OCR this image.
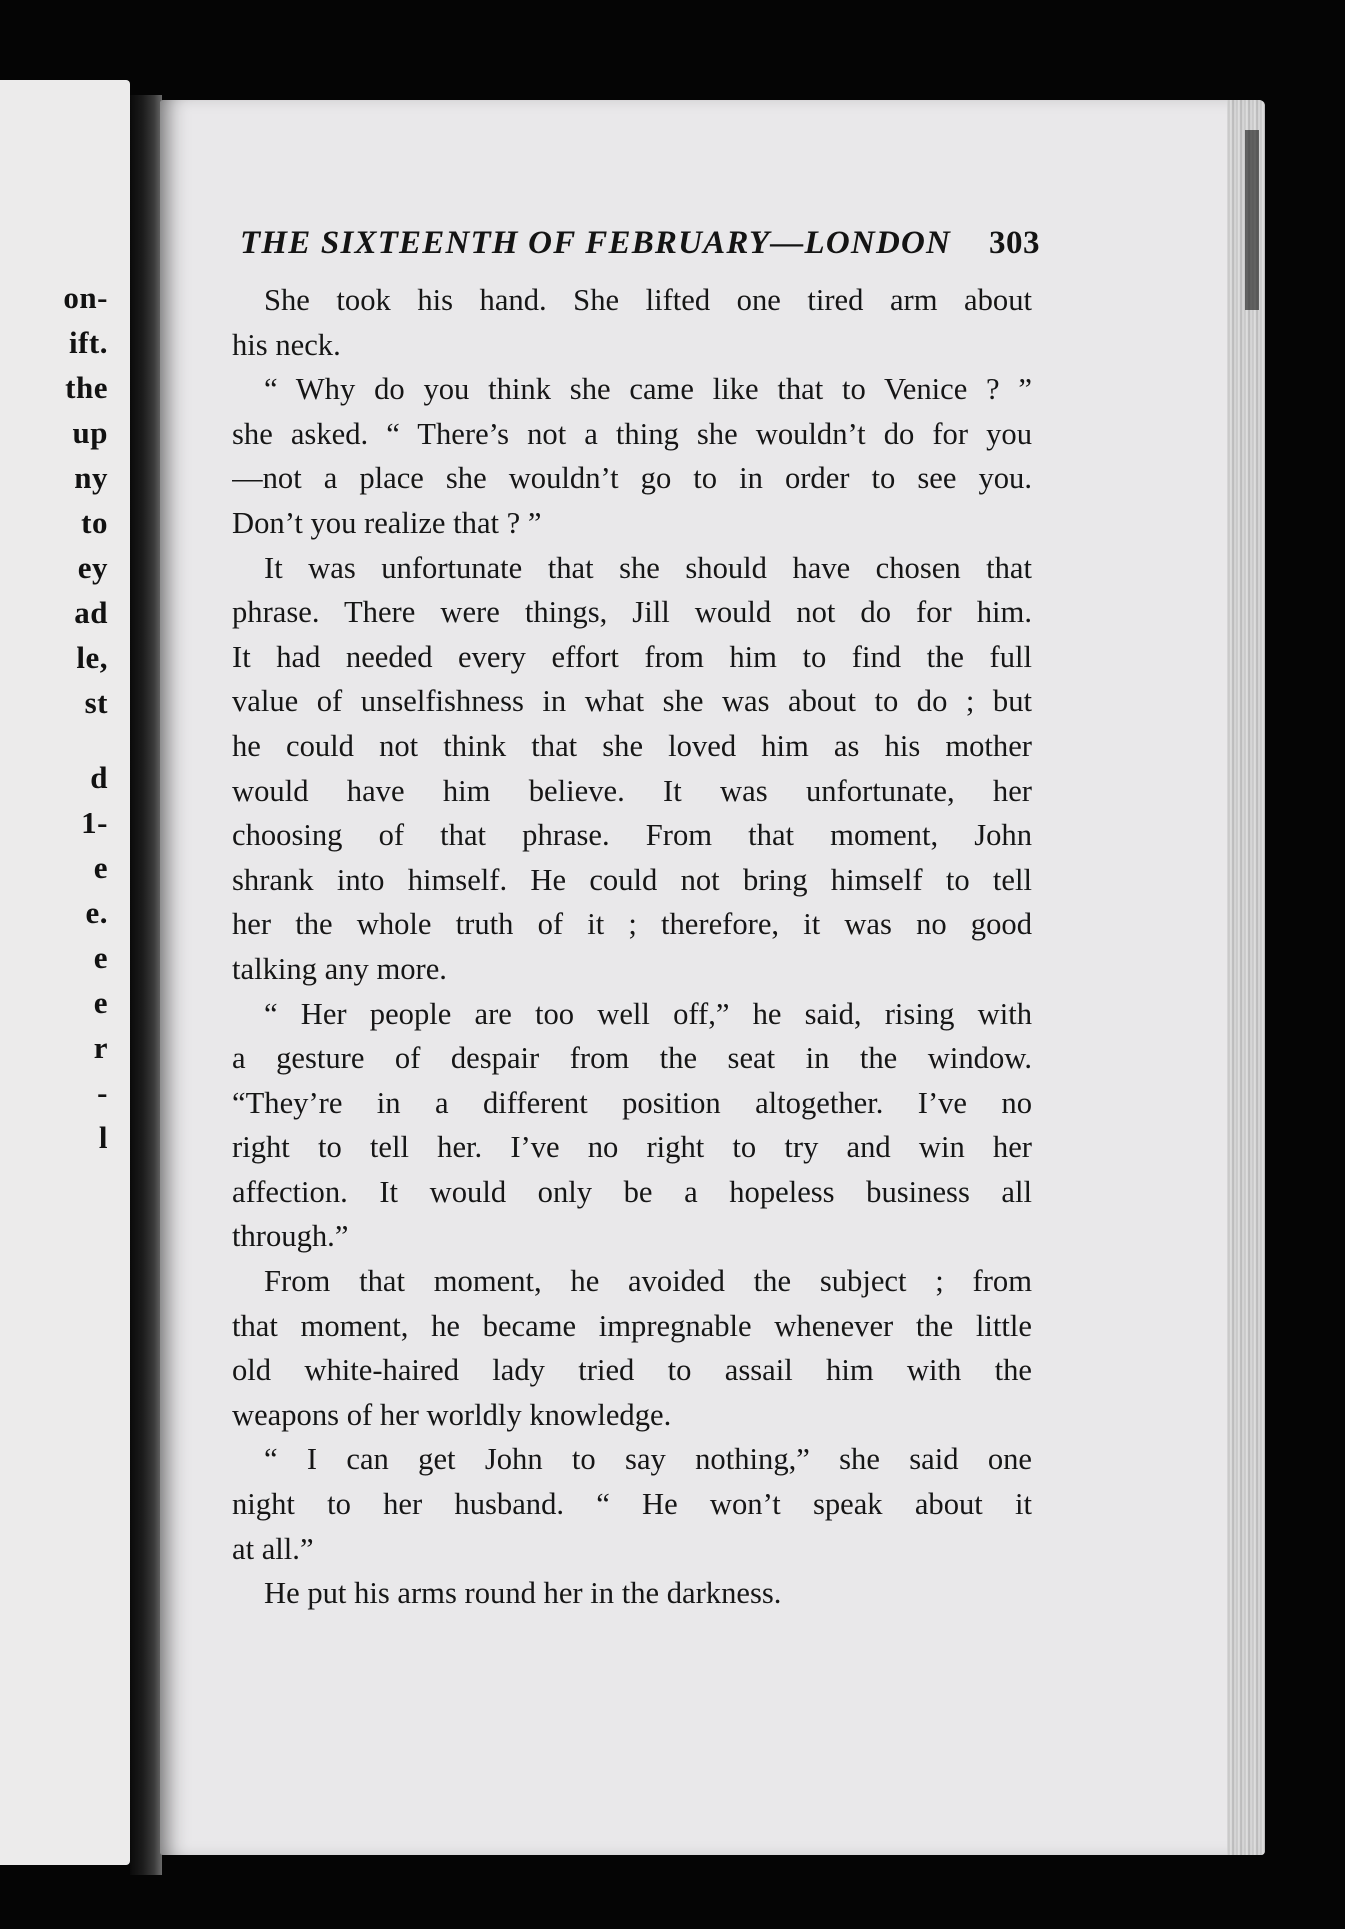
on-
ift.
the
up
ny
to
ey
ad
le,
st
d
1-
e
e.
e
e
r
-
l
THE SIXTEENTH OF FEBRUARY—LONDON 303
She took his hand. She lifted one tired arm about
his neck.
“ Why do you think she came like that to Venice ? ”
she asked. “ There’s not a thing she wouldn’t do for you
—not a place she wouldn’t go to in order to see you.
Don’t you realize that ? ”
It was unfortunate that she should have chosen that
phrase. There were things, Jill would not do for him.
It had needed every effort from him to find the full
value of unselfishness in what she was about to do ; but
he could not think that she loved him as his mother
would have him believe. It was unfortunate, her
choosing of that phrase. From that moment, John
shrank into himself. He could not bring himself to tell
her the whole truth of it ; therefore, it was no good
talking any more.
“ Her people are too well off,” he said, rising with
a gesture of despair from the seat in the window.
“They’re in a different position altogether. I’ve no
right to tell her. I’ve no right to try and win her
affection. It would only be a hopeless business all
through.”
From that moment, he avoided the subject ; from
that moment, he became impregnable whenever the little
old white-haired lady tried to assail him with the
weapons of her worldly knowledge.
“ I can get John to say nothing,” she said one
night to her husband. “ He won’t speak about it
at all.”
He put his arms round her in the darkness.
